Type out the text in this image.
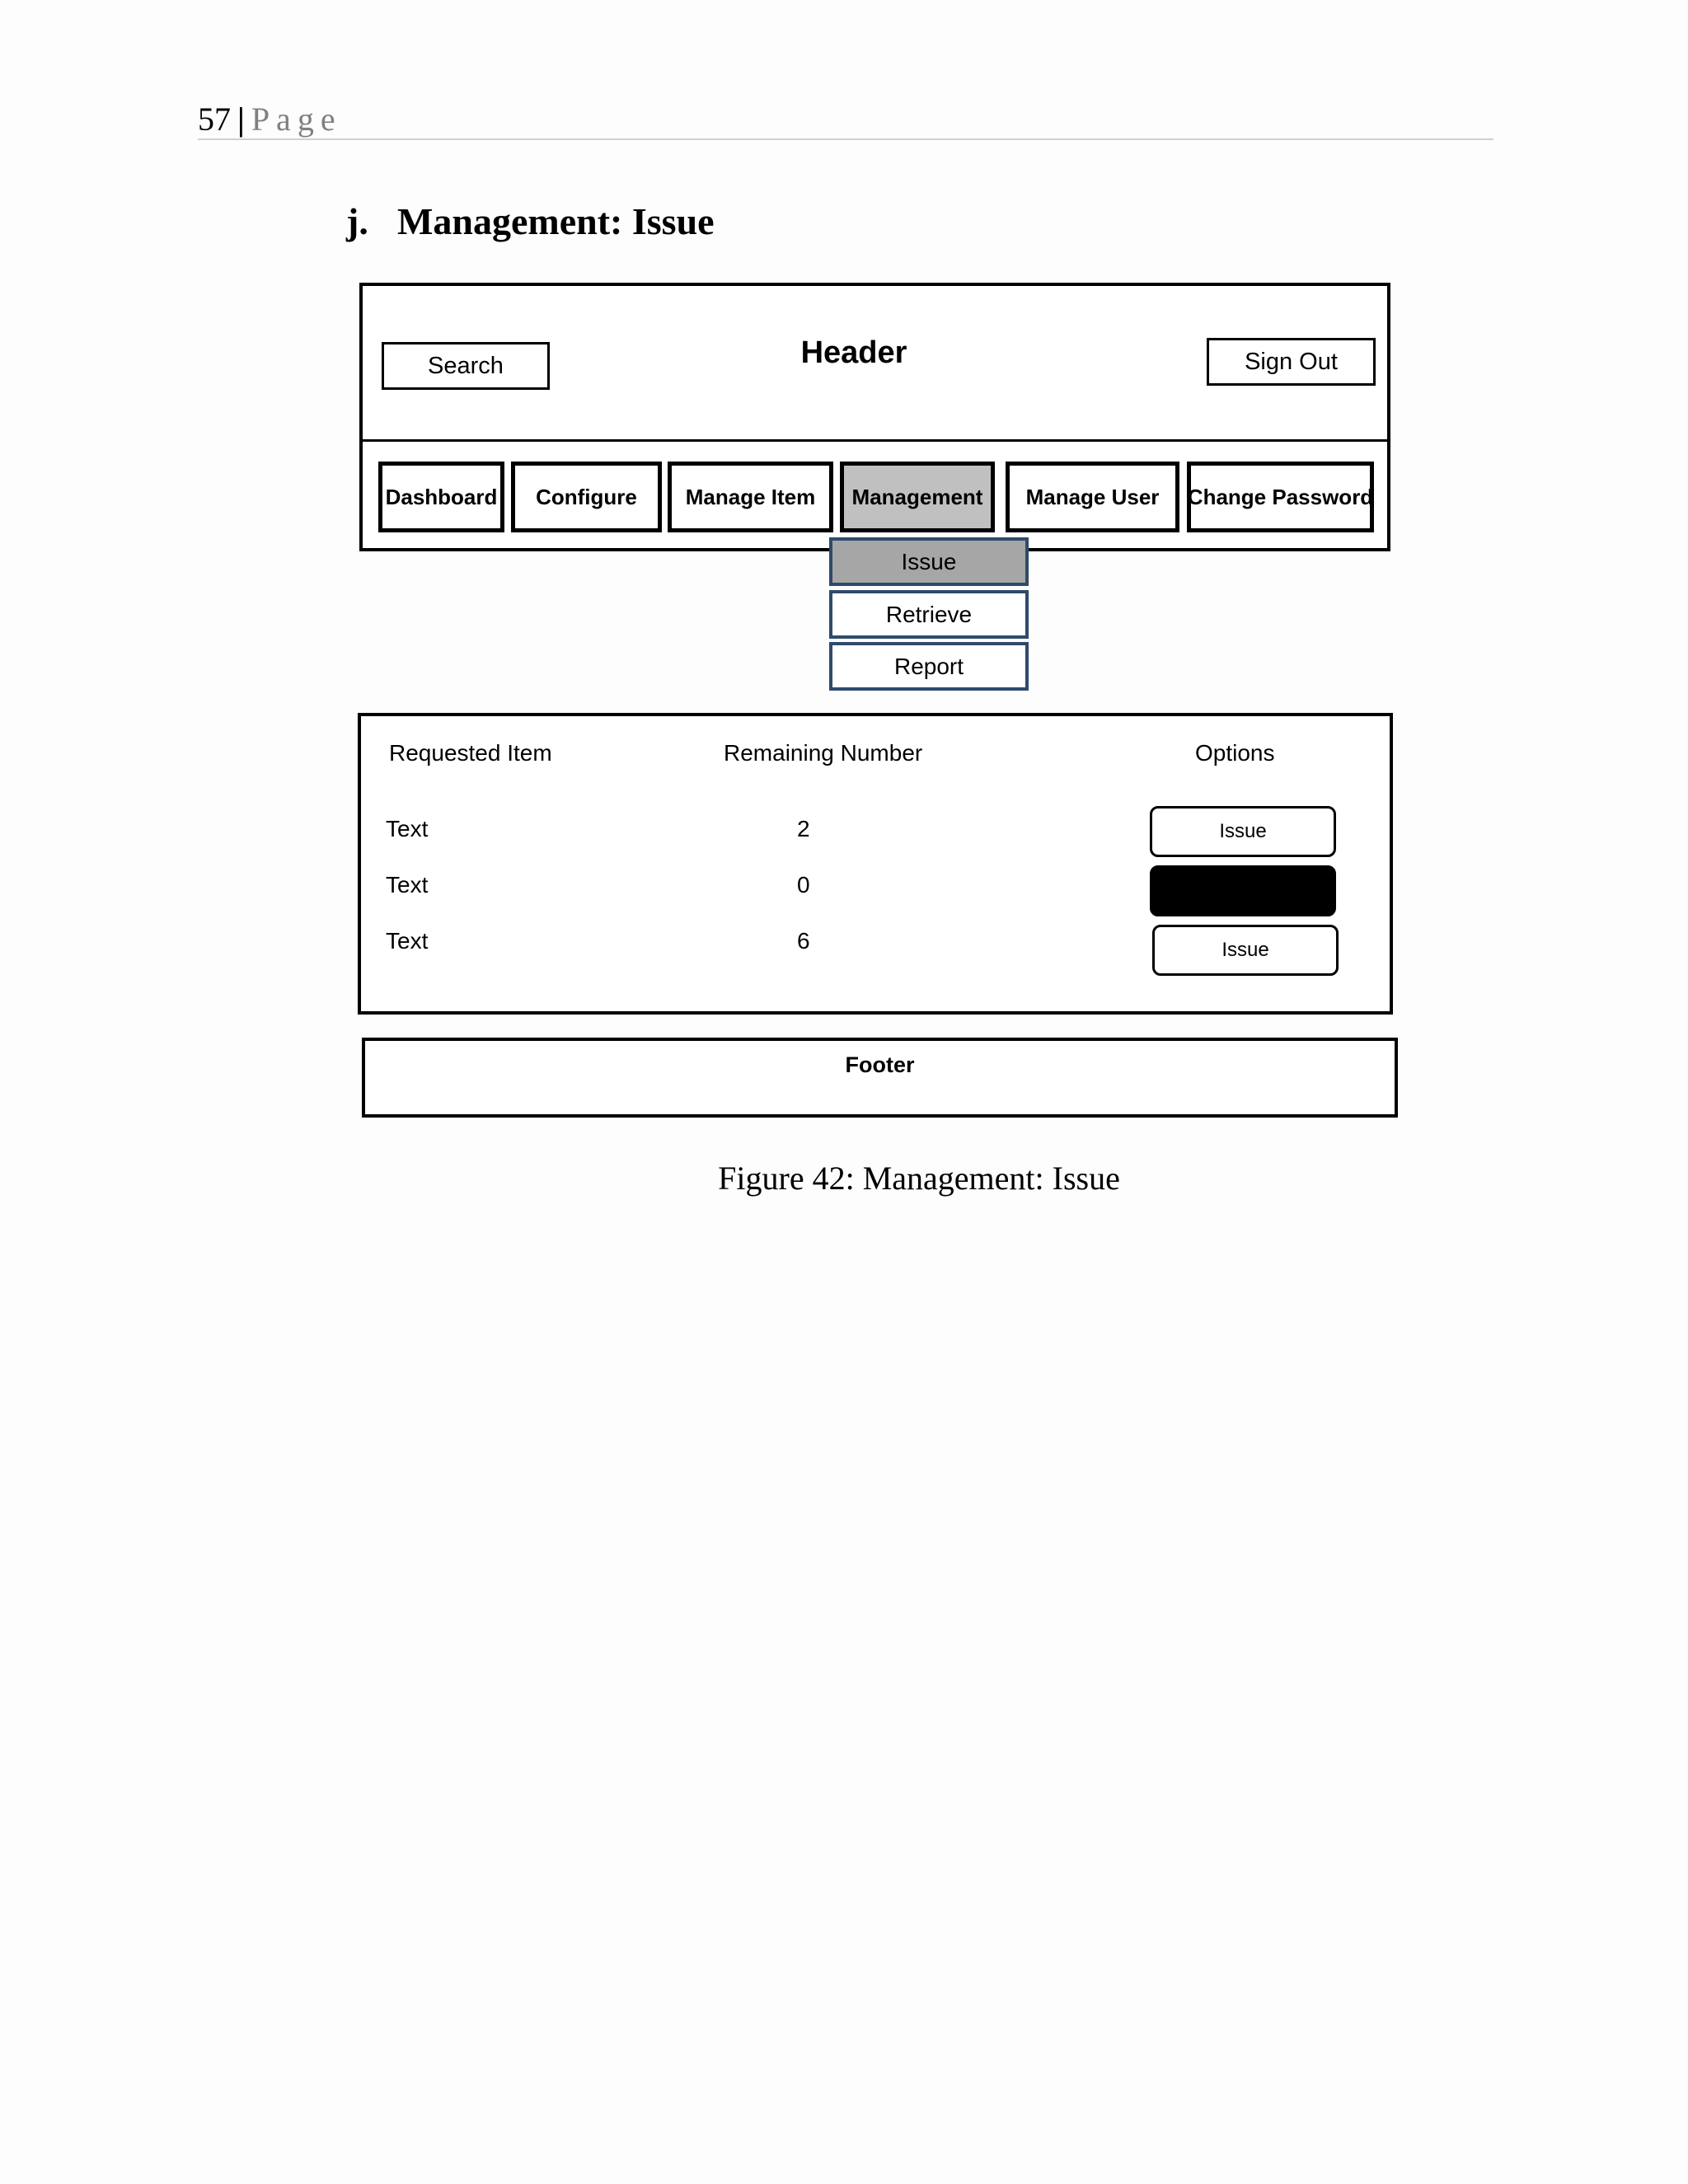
57 | Page
j. Management: Issue
Search	Header	Sign Out
Dashboard	Configure	Manage Item	Management	Manage User	Change Password
Issue
Retrieve
Report
Requested Item	Remaining Number	Options
Text	2	Issue
Text	0
Text	6	Issue
Footer
Figure 42: Management: Issue
